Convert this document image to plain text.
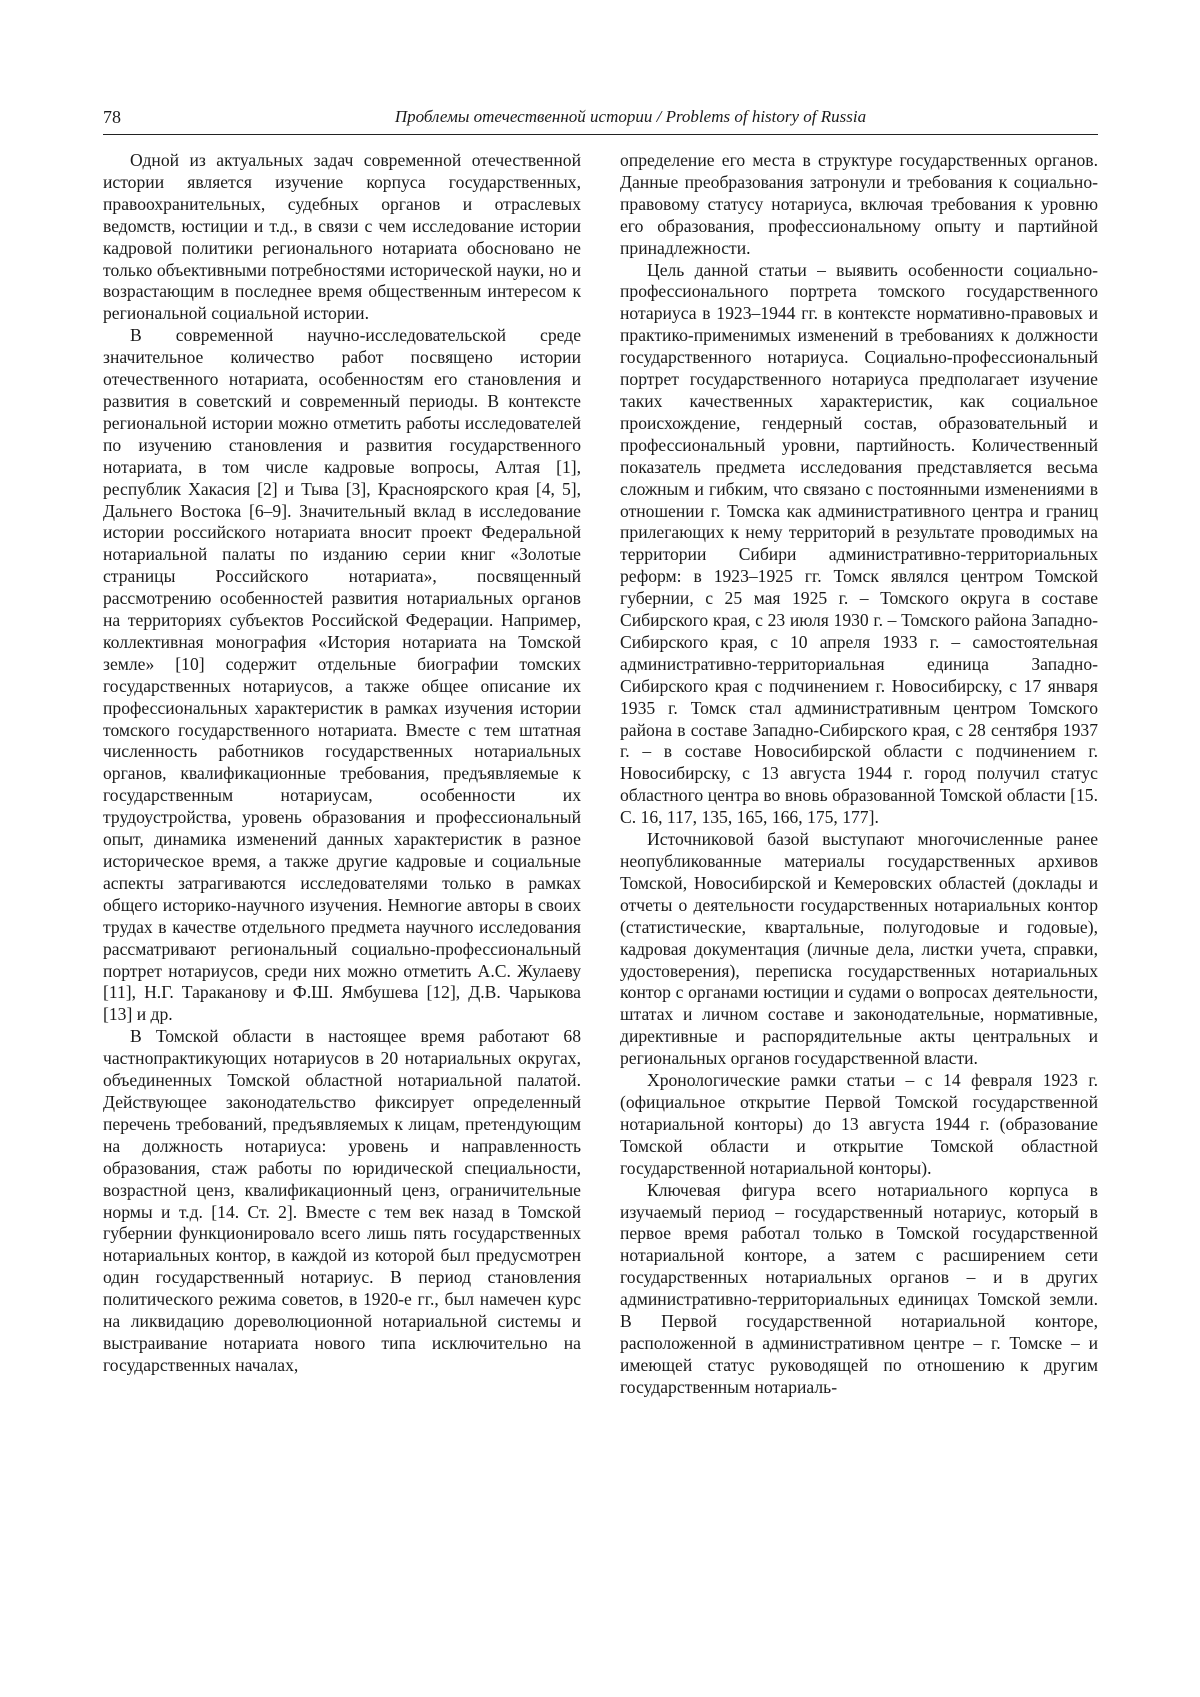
78	Проблемы отечественной истории / Problems of history of Russia

Одной из актуальных задач современной отечественной истории является изучение корпуса государственных, правоохранительных, судебных органов и отраслевых ведомств, юстиции и т.д., в связи с чем исследование истории кадровой политики регионального нотариата обосновано не только объективными потребностями исторической науки, но и возрастающим в последнее время общественным интересом к региональной социальной истории.

В современной научно-исследовательской среде значительное количество работ посвящено истории отечественного нотариата, особенностям его становления и развития в советский и современный периоды. В контексте региональной истории можно отметить работы исследователей по изучению становления и развития государственного нотариата, в том числе кадровые вопросы, Алтая [1], республик Хакасия [2] и Тыва [3], Красноярского края [4, 5], Дальнего Востока [6–9]. Значительный вклад в исследование истории российского нотариата вносит проект Федеральной нотариальной палаты по изданию серии книг «Золотые страницы Российского нотариата», посвященный рассмотрению особенностей развития нотариальных органов на территориях субъектов Российской Федерации. Например, коллективная монография «История нотариата на Томской земле» [10] содержит отдельные биографии томских государственных нотариусов, а также общее описание их профессиональных характеристик в рамках изучения истории томского государственного нотариата. Вместе с тем штатная численность работников государственных нотариальных органов, квалификационные требования, предъявляемые к государственным нотариусам, особенности их трудоустройства, уровень образования и профессиональный опыт, динамика изменений данных характеристик в разное историческое время, а также другие кадровые и социальные аспекты затрагиваются исследователями только в рамках общего историко-научного изучения. Немногие авторы в своих трудах в качестве отдельного предмета научного исследования рассматривают региональный социально-профессиональный портрет нотариусов, среди них можно отметить А.С. Жулаеву [11], Н.Г. Тараканову и Ф.Ш. Ямбушева [12], Д.В. Чарыкова [13] и др.

В Томской области в настоящее время работают 68 частнопрактикующих нотариусов в 20 нотариальных округах, объединенных Томской областной нотариальной палатой. Действующее законодательство фиксирует определенный перечень требований, предъявляемых к лицам, претендующим на должность нотариуса: уровень и направленность образования, стаж работы по юридической специальности, возрастной ценз, квалификационный ценз, ограничительные нормы и т.д. [14. Ст. 2]. Вместе с тем век назад в Томской губернии функционировало всего лишь пять государственных нотариальных контор, в каждой из которой был предусмотрен один государственный нотариус. В период становления политического режима советов, в 1920-е гг., был намечен курс на ликвидацию дореволюционной нотариальной системы и выстраивание нотариата нового типа исключительно на государственных началах,

определение его места в структуре государственных органов. Данные преобразования затронули и требования к социально-правовому статусу нотариуса, включая требования к уровню его образования, профессиональному опыту и партийной принадлежности.

Цель данной статьи – выявить особенности социально-профессионального портрета томского государственного нотариуса в 1923–1944 гг. в контексте нормативно-правовых и практико-применимых изменений в требованиях к должности государственного нотариуса. Социально-профессиональный портрет государственного нотариуса предполагает изучение таких качественных характеристик, как социальное происхождение, гендерный состав, образовательный и профессиональный уровни, партийность. Количественный показатель предмета исследования представляется весьма сложным и гибким, что связано с постоянными изменениями в отношении г. Томска как административного центра и границ прилегающих к нему территорий в результате проводимых на территории Сибири административно-территориальных реформ: в 1923–1925 гг. Томск являлся центром Томской губернии, с 25 мая 1925 г. – Томского округа в составе Сибирского края, с 23 июля 1930 г. – Томского района Западно-Сибирского края, с 10 апреля 1933 г. – самостоятельная административно-территориальная единица Западно-Сибирского края с подчинением г. Новосибирску, с 17 января 1935 г. Томск стал административным центром Томского района в составе Западно-Сибирского края, с 28 сентября 1937 г. – в составе Новосибирской области с подчинением г. Новосибирску, с 13 августа 1944 г. город получил статус областного центра во вновь образованной Томской области [15. С. 16, 117, 135, 165, 166, 175, 177].

Источниковой базой выступают многочисленные ранее неопубликованные материалы государственных архивов Томской, Новосибирской и Кемеровских областей (доклады и отчеты о деятельности государственных нотариальных контор (статистические, квартальные, полугодовые и годовые), кадровая документация (личные дела, листки учета, справки, удостоверения), переписка государственных нотариальных контор с органами юстиции и судами о вопросах деятельности, штатах и личном составе и законодательные, нормативные, директивные и распорядительные акты центральных и региональных органов государственной власти.

Хронологические рамки статьи – с 14 февраля 1923 г. (официальное открытие Первой Томской государственной нотариальной конторы) до 13 августа 1944 г. (образование Томской области и открытие Томской областной государственной нотариальной конторы).

Ключевая фигура всего нотариального корпуса в изучаемый период – государственный нотариус, который в первое время работал только в Томской государственной нотариальной конторе, а затем с расширением сети государственных нотариальных органов – и в других административно-территориальных единицах Томской земли. В Первой государственной нотариальной конторе, расположенной в административном центре – г. Томске – и имеющей статус руководящей по отношению к другим государственным нотариаль-
